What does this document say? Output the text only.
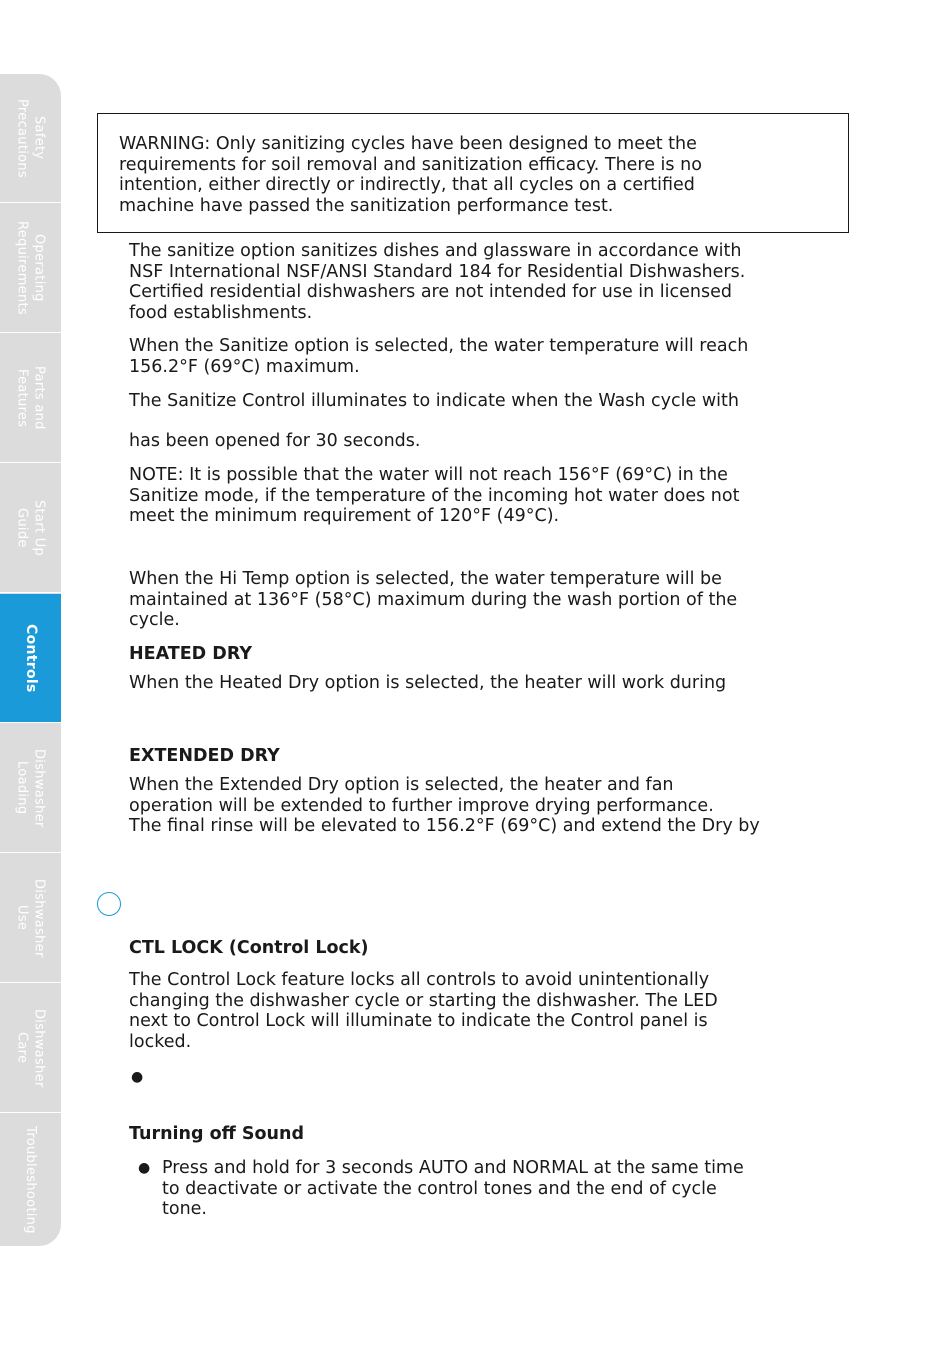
Safety
Precautions
Operating
Requirements
Parts and
Features
Start Up
Guide
Controls
Dishwasher
Loading
Dishwasher
Use
Dishwasher
Care
Troubleshooting

WARNING: Only sanitizing cycles have been designed to meet the
requirements for soil removal and sanitization efficacy. There is no
intention, either directly or indirectly, that all cycles on a certified
machine have passed the sanitization performance test.

The sanitize option sanitizes dishes and glassware in accordance with
NSF International NSF/ANSI Standard 184 for Residential Dishwashers.
Certified residential dishwashers are not intended for use in licensed
food establishments.

When the Sanitize option is selected, the water temperature will reach
156.2°F (69°C) maximum.

The Sanitize Control illuminates to indicate when the Wash cycle with

has been opened for 30 seconds.

NOTE: It is possible that the water will not reach 156°F (69°C) in the
Sanitize mode, if the temperature of the incoming hot water does not
meet the minimum requirement of 120°F (49°C).

When the Hi Temp option is selected, the water temperature will be
maintained at 136°F (58°C) maximum during the wash portion of the
cycle.

HEATED DRY

When the Heated Dry option is selected, the heater will work during

EXTENDED DRY

When the Extended Dry option is selected, the heater and fan
operation will be extended to further improve drying performance.
The final rinse will be elevated to 156.2°F (69°C) and extend the Dry by

CTL LOCK (Control Lock)

The Control Lock feature locks all controls to avoid unintentionally
changing the dishwasher cycle or starting the dishwasher. The LED
next to Control Lock will illuminate to indicate the Control panel is
locked.

●
Turning off Sound
● Press and hold for 3 seconds AUTO and NORMAL at the same time
to deactivate or activate the control tones and the end of cycle
tone.
